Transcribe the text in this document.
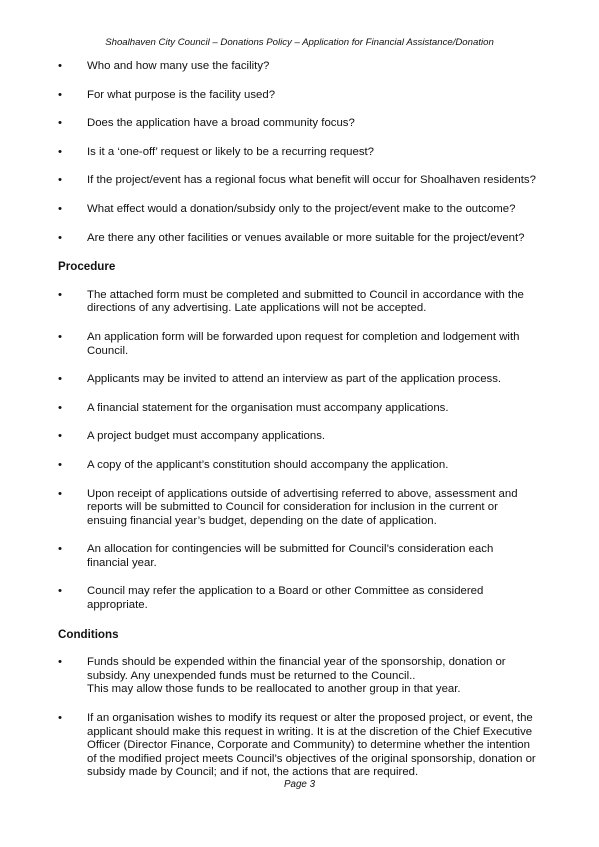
Shoalhaven City Council – Donations Policy – Application for Financial Assistance/Donation
•	Who and how many use the facility?
•	For what purpose is the facility used?
•	Does the application have a broad community focus?
•	Is it a ‘one-off’ request or likely to be a recurring request?
•	If the project/event has a regional focus what benefit will occur for Shoalhaven residents?
•	What effect would a donation/subsidy only to the project/event make to the outcome?
•	Are there any other facilities or venues available or more suitable for the project/event?
Procedure
•	The attached form must be completed and submitted to Council in accordance with the
directions of any advertising. Late applications will not be accepted.
•	An application form will be forwarded upon request for completion and lodgement with
Council.
•	Applicants may be invited to attend an interview as part of the application process.
•	A financial statement for the organisation must accompany applications.
•	A project budget must accompany applications.
•	A copy of the applicant’s constitution should accompany the application.
•	Upon receipt of applications outside of advertising referred to above, assessment and
reports will be submitted to Council for consideration for inclusion in the current or
ensuing financial year’s budget, depending on the date of application.
•	An allocation for contingencies will be submitted for Council’s consideration each
financial year.
•	Council may refer the application to a Board or other Committee as considered
appropriate.
Conditions
•	Funds should be expended within the financial year of the sponsorship, donation or
subsidy. Any unexpended funds must be returned to the Council..
This may allow those funds to be reallocated to another group in that year.
•	If an organisation wishes to modify its request or alter the proposed project, or event, the
applicant should make this request in writing. It is at the discretion of the Chief Executive
Officer (Director Finance, Corporate and Community) to determine whether the intention
of the modified project meets Council’s objectives of the original sponsorship, donation or
subsidy made by Council; and if not, the actions that are required.
Page 3
